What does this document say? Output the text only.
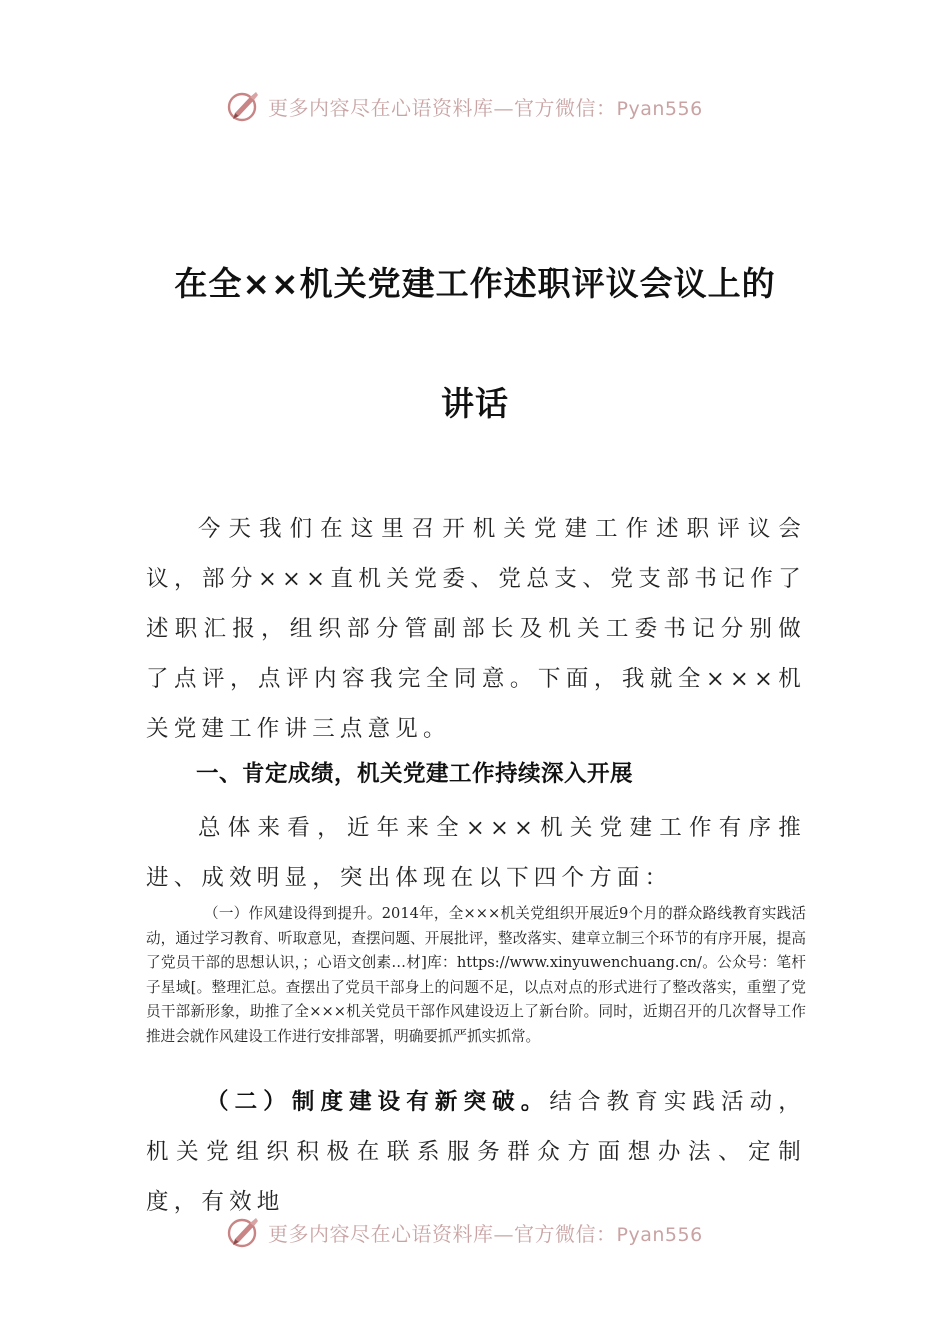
更多内容尽在心语资料库—官方微信：Pyan556
在全××机关党建工作述职评议会议上的
讲话
今天我们在这里召开机关党建工作述职评议会议，部分×××直机关党委、党总支、党支部书记作了述职汇报，组织部分管副部长及机关工委书记分别做了点评，点评内容我完全同意。下面，我就全×××机关党建工作讲三点意见。
一、肯定成绩，机关党建工作持续深入开展
总体来看，近年来全×××机关党建工作有序推进、成效明显，突出体现在以下四个方面：
（一）作风建设得到提升。2014年，全×××机关党组织开展近9个月的群众路线教育实践活动，通过学习教育、听取意见，查摆问题、开展批评，整改落实、建章立制三个环节的有序开展，提高了党员干部的思想认识，；心语文创素…材]库：https://www.xinyuwenchuang.cn/。公众号：笔杆子星域[。整理汇总。查摆出了党员干部身上的问题不足，以点对点的形式进行了整改落实，重塑了党员干部新形象，助推了全×××机关党员干部作风建设迈上了新台阶。同时，近期召开的几次督导工作推进会就作风建设工作进行安排部署，明确要抓严抓实抓常。
（二）制度建设有新突破。结合教育实践活动，机关党组织积极在联系服务群众方面想办法、定制度，有效地
更多内容尽在心语资料库—官方微信：Pyan556
